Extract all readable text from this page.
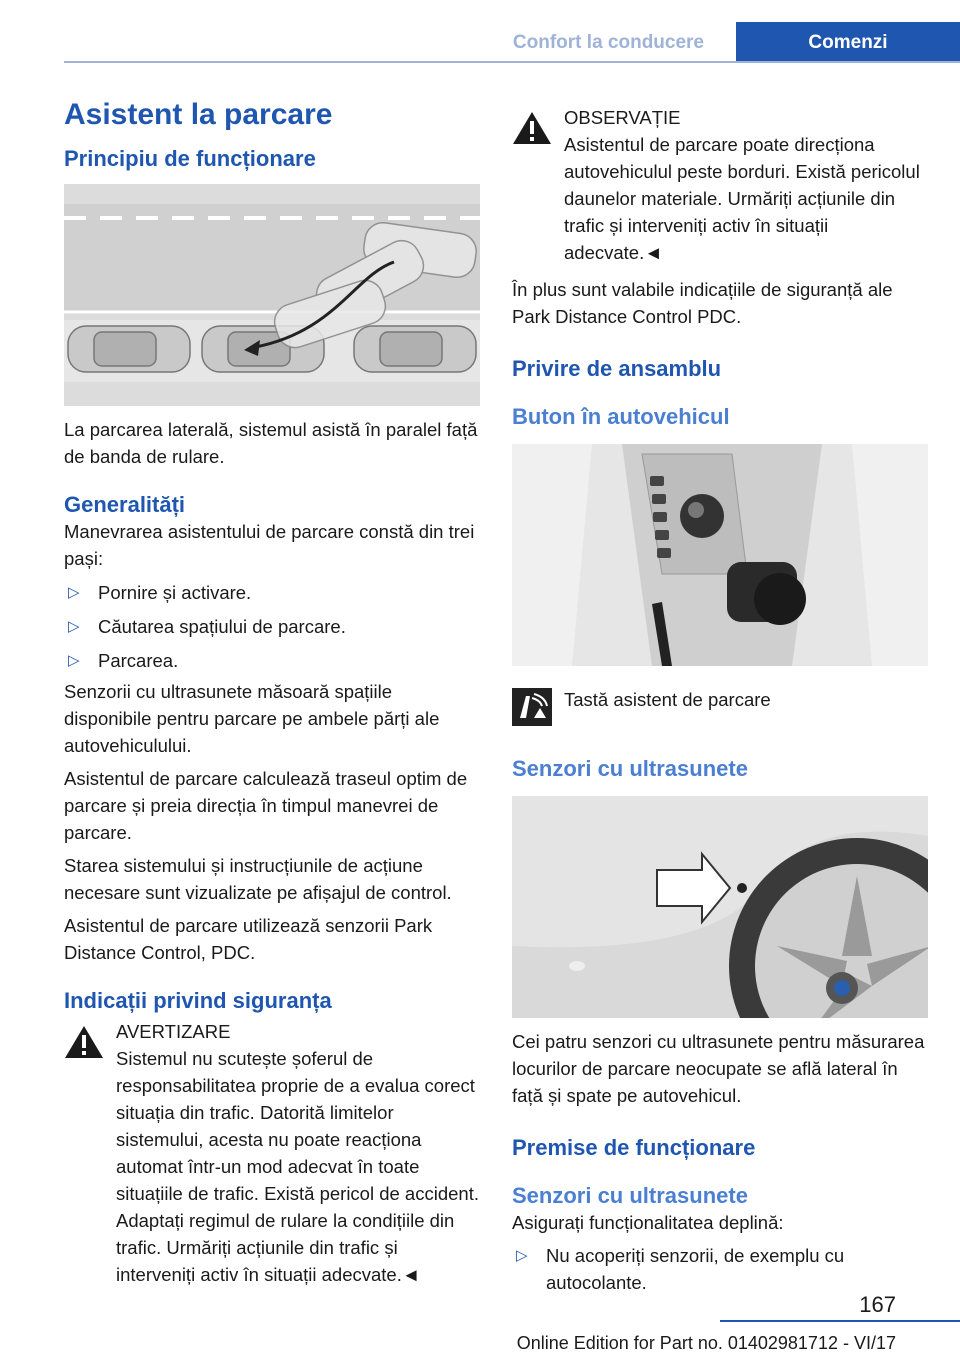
Confort la conducere	Comenzi
Asistent la parcare
Principiu de funcționare

La parcarea laterală, sistemul asistă în paralel față de banda de rulare.

Generalități

Manevrarea asistentului de parcare constă din trei pași:

▷ Pornire și activare.
▷ Căutarea spațiului de parcare.
▷ Parcarea.

Senzorii cu ultrasunete măsoară spațiile disponibile pentru parcare pe ambele părți ale autovehiculului.

Asistentul de parcare calculează traseul optim de parcare și preia direcția în timpul manevrei de parcare.

Starea sistemului și instrucțiunile de acțiune necesare sunt vizualizate pe afișajul de control.

Asistentul de parcare utilizează senzorii Park Distance Control, PDC.

Indicații privind siguranța

AVERTIZARE

Sistemul nu scutește șoferul de responsabilitatea proprie de a evalua corect situația din trafic. Datorită limitelor sistemului, acesta nu poate reacționa automat într-un mod adecvat în toate situațiile de trafic. Există pericol de accident. Adaptați regimul de rulare la condițiile din trafic. Urmăriți acțiunile din trafic și interveniți activ în situații adecvate.◄

OBSERVAȚIE

Asistentul de parcare poate direcționa autovehiculul peste borduri. Există pericolul daunelor materiale. Urmăriți acțiunile din trafic și interveniți activ în situații adecvate.◄

În plus sunt valabile indicațiile de siguranță ale Park Distance Control PDC.

Privire de ansamblu
Buton în autovehicul

Tastă asistent de parcare

Senzori cu ultrasunete

Cei patru senzori cu ultrasunete pentru măsurarea locurilor de parcare neocupate se află lateral în față și spate pe autovehicul.

Premise de funcționare
Senzori cu ultrasunete

Asigurați funcționalitatea deplină:

▷ Nu acoperiți senzorii, de exemplu cu autocolante.
167
Online Edition for Part no. 01402981712 - VI/17
